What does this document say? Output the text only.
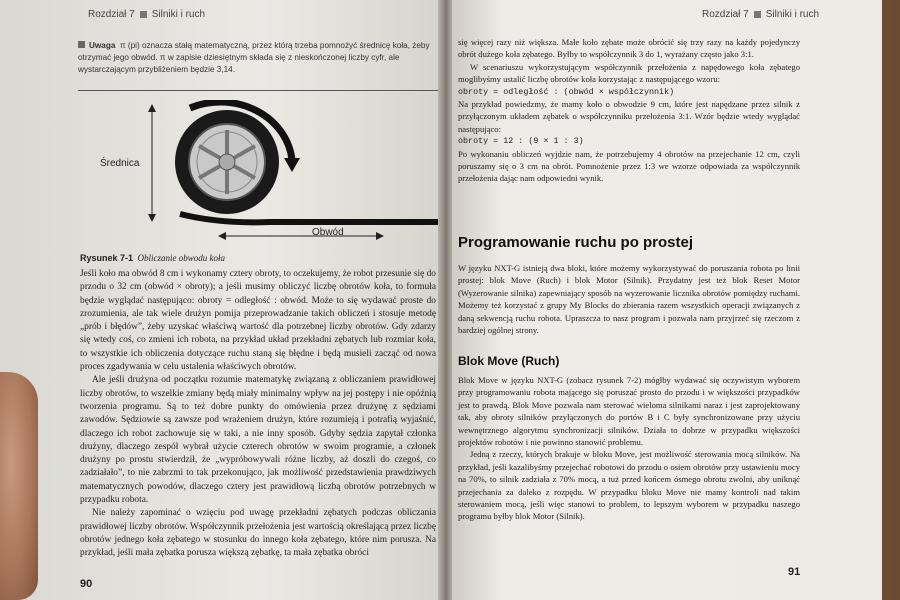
Rozdział 7 Silniki i ruch
Uwaga π (pi) oznacza stałą matematyczną, przez którą trzeba pomnożyć średnicę koła, żeby otrzymać jego obwód. π w zapisie dziesiętnym składa się z nieskończonej liczby cyfr, ale wystarczającym przybliżeniem będzie 3,14.
Średnica
Obwód
Rysunek 7-1 Obliczanie obwodu koła

Jeśli koło ma obwód 8 cm i wykonamy cztery obroty, to oczekujemy, że robot przesunie się do przodu o 32 cm (obwód × obroty); a jeśli musimy obliczyć liczbę obrotów koła, to formuła będzie wyglądać następująco: obroty = odległość : obwód. Może to się wydawać proste do zrozumienia, ale tak wiele drużyn pomija przeprowadzanie takich obliczeń i stosuje metodę „prób i błędów”, żeby uzyskać właściwą wartość dla potrzebnej liczby obrotów. Gdy zdarzy się wtedy coś, co zmieni ich robota, na przykład układ przekładni zębatych lub rozmiar koła, to wszystkie ich obliczenia dotyczące ruchu staną się błędne i będą musieli zacząć od nowa proces zgadywania w celu ustalenia właściwych obrotów.

Ale jeśli drużyna od początku rozumie matematykę związaną z obliczaniem prawidłowej liczby obrotów, to wszelkie zmiany będą miały minimalny wpływ na jej postępy i nie opóźnią tworzenia programu. Są to też dobre punkty do omówienia przez drużynę z sędziami zawodów. Sędziowie są zawsze pod wrażeniem drużyn, które rozumieją i potrafią wyjaśnić, dlaczego ich robot zachowuje się w taki, a nie inny sposób. Gdyby sędzia zapytał członka drużyny, dlaczego zespół wybrał użycie czterech obrotów w swoim programie, a członek drużyny po prostu stwierdził, że „wypróbowywali różne liczby, aż doszli do czegoś, co zadziałało”, to nie zabrzmi to tak przekonująco, jak możliwość przedstawienia prawdziwych matematycznych powodów, dlaczego cztery jest prawidłową liczbą obrotów potrzebnych w przypadku robota.

Nie należy zapominać o wzięciu pod uwagę przekładni zębatych podczas obliczania prawidłowej liczby obrotów. Współczynnik przełożenia jest wartością określającą przez liczbę obrotów jednego koła zębatego w stosunku do innego koła zębatego, które nim porusza. Na przykład, jeśli mała zębatka porusza większą zębatkę, ta mała zębatka obróci

90
Rozdział 7 Silniki i ruch

się więcej razy niż większa. Małe koło zębate może obrócić się trzy razy na każdy pojedynczy obrót dużego koła zębatego. Byłby to współczynnik 3 do 1, wyrażany często jako 3:1.

W scenariuszu wykorzystującym współczynnik przełożenia z napędowego koła zębatego moglibyśmy ustalić liczbę obrotów koła korzystając z następującego wzoru:

obroty = odległość : (obwód × współczynnik)

Na przykład powiedzmy, że mamy koło o obwodzie 9 cm, które jest napędzane przez silnik z przyłączonym układem zębatek o współczynniku przełożenia 3:1. Wzór będzie wtedy wyglądać następująco:

obroty = 12 : (9 × 1 : 3)

Po wykonaniu obliczeń wyjdzie nam, że potrzebujemy 4 obrotów na przejechanie 12 cm, czyli poruszamy się o 3 cm na obrót. Pomnożenie przez 1:3 we wzorze odpowiada za współczynnik przełożenia dając nam odpowiedni wynik.

Programowanie ruchu po prostej

W języku NXT-G istnieją dwa bloki, które możemy wykorzystywać do poruszania robota po linii prostej: blok Move (Ruch) i blok Motor (Silnik). Przydatny jest też blok Reset Motor (Wyzerowanie silnika) zapewniający sposób na wyzerowanie licznika obrotów pomiędzy ruchami. Możemy też korzystać z grupy My Blocks do zbierania razem wszystkich operacji związanych z daną sekwencją ruchu robota. Upraszcza to nasz program i pozwala nam przyjrzeć się rzeczom z bardziej ogólnej strony.

Blok Move (Ruch)

Blok Move w języku NXT-G (zobacz rysunek 7-2) mógłby wydawać się oczywistym wyborem przy programowaniu robota mającego się poruszać prosto do przodu i w większości przypadków jest to prawdą. Blok Move pozwala nam sterować wieloma silnikami naraz i jest zaprojektowany tak, aby obroty silników przyłączonych do portów B i C były synchronizowane przy użyciu wewnętrznego algorytmu synchronizacji silników. Działa to dobrze w przypadku większości projektów robotów i nie powinno stanowić problemu.

Jedną z rzeczy, których brakuje w bloku Move, jest możliwość sterowania mocą silników. Na przykład, jeśli kazalibyśmy przejechać robotowi do przodu o osiem obrotów przy ustawieniu mocy na 70%, to silnik zadziała z 70% mocą, a tuż przed końcem ósmego obrotu zwolni, aby uniknąć przejechania za daleko z rozpędu. W przypadku bloku Move nie mamy kontroli nad takim sterowaniem mocą, jeśli więc stanowi to problem, to lepszym wyborem w przypadku naszego programu byłby blok Motor (Silnik).

91
